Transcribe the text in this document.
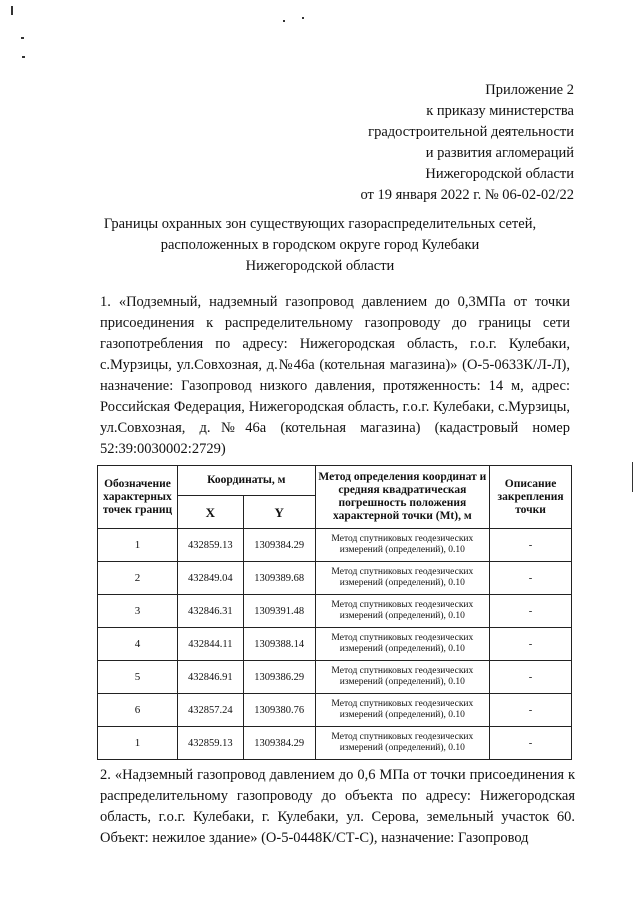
Приложение 2
к приказу министерства
градостроительной деятельности
и развития агломераций
Нижегородской области
от 19 января 2022 г. № 06-02-02/22
Границы охранных зон существующих газораспределительных сетей,
расположенных в городском округе город Кулебаки
Нижегородской области
1. «Подземный, надземный газопровод давлением до 0,3МПа от точки присоединения к распределительному газопроводу до границы сети газопотребления по адресу: Нижегородская область, г.о.г. Кулебаки, с.Мурзицы, ул.Совхозная, д.№46а (котельная магазина)» (О-5-0633К/Л-Л), назначение: Газопровод низкого давления, протяженность: 14 м, адрес: Российская Федерация, Нижегородская область, г.о.г. Кулебаки, с.Мурзицы, ул.Совхозная, д.№46а (котельная магазина) (кадастровый номер 52:39:0030002:2729)
Обозначение характерных точек границ	Координаты, м		Метод определения координат и средняя квадратическая погрешность положения характерной точки (Mt), м	Описание закрепления точки
	X	Y		
1	432859.13	1309384.29	Метод спутниковых геодезических измерений (определений), 0.10	-
2	432849.04	1309389.68	Метод спутниковых геодезических измерений (определений), 0.10	-
3	432846.31	1309391.48	Метод спутниковых геодезических измерений (определений), 0.10	-
4	432844.11	1309388.14	Метод спутниковых геодезических измерений (определений), 0.10	-
5	432846.91	1309386.29	Метод спутниковых геодезических измерений (определений), 0.10	-
6	432857.24	1309380.76	Метод спутниковых геодезических измерений (определений), 0.10	-
1	432859.13	1309384.29	Метод спутниковых геодезических измерений (определений), 0.10	-
2. «Надземный газопровод давлением до 0,6 МПа от точки присоединения к распределительному газопроводу до объекта по адресу: Нижегородская область, г.о.г. Кулебаки, г. Кулебаки, ул. Серова, земельный участок 60. Объект: нежилое здание» (О-5-0448К/СТ-С), назначение: Газопровод
